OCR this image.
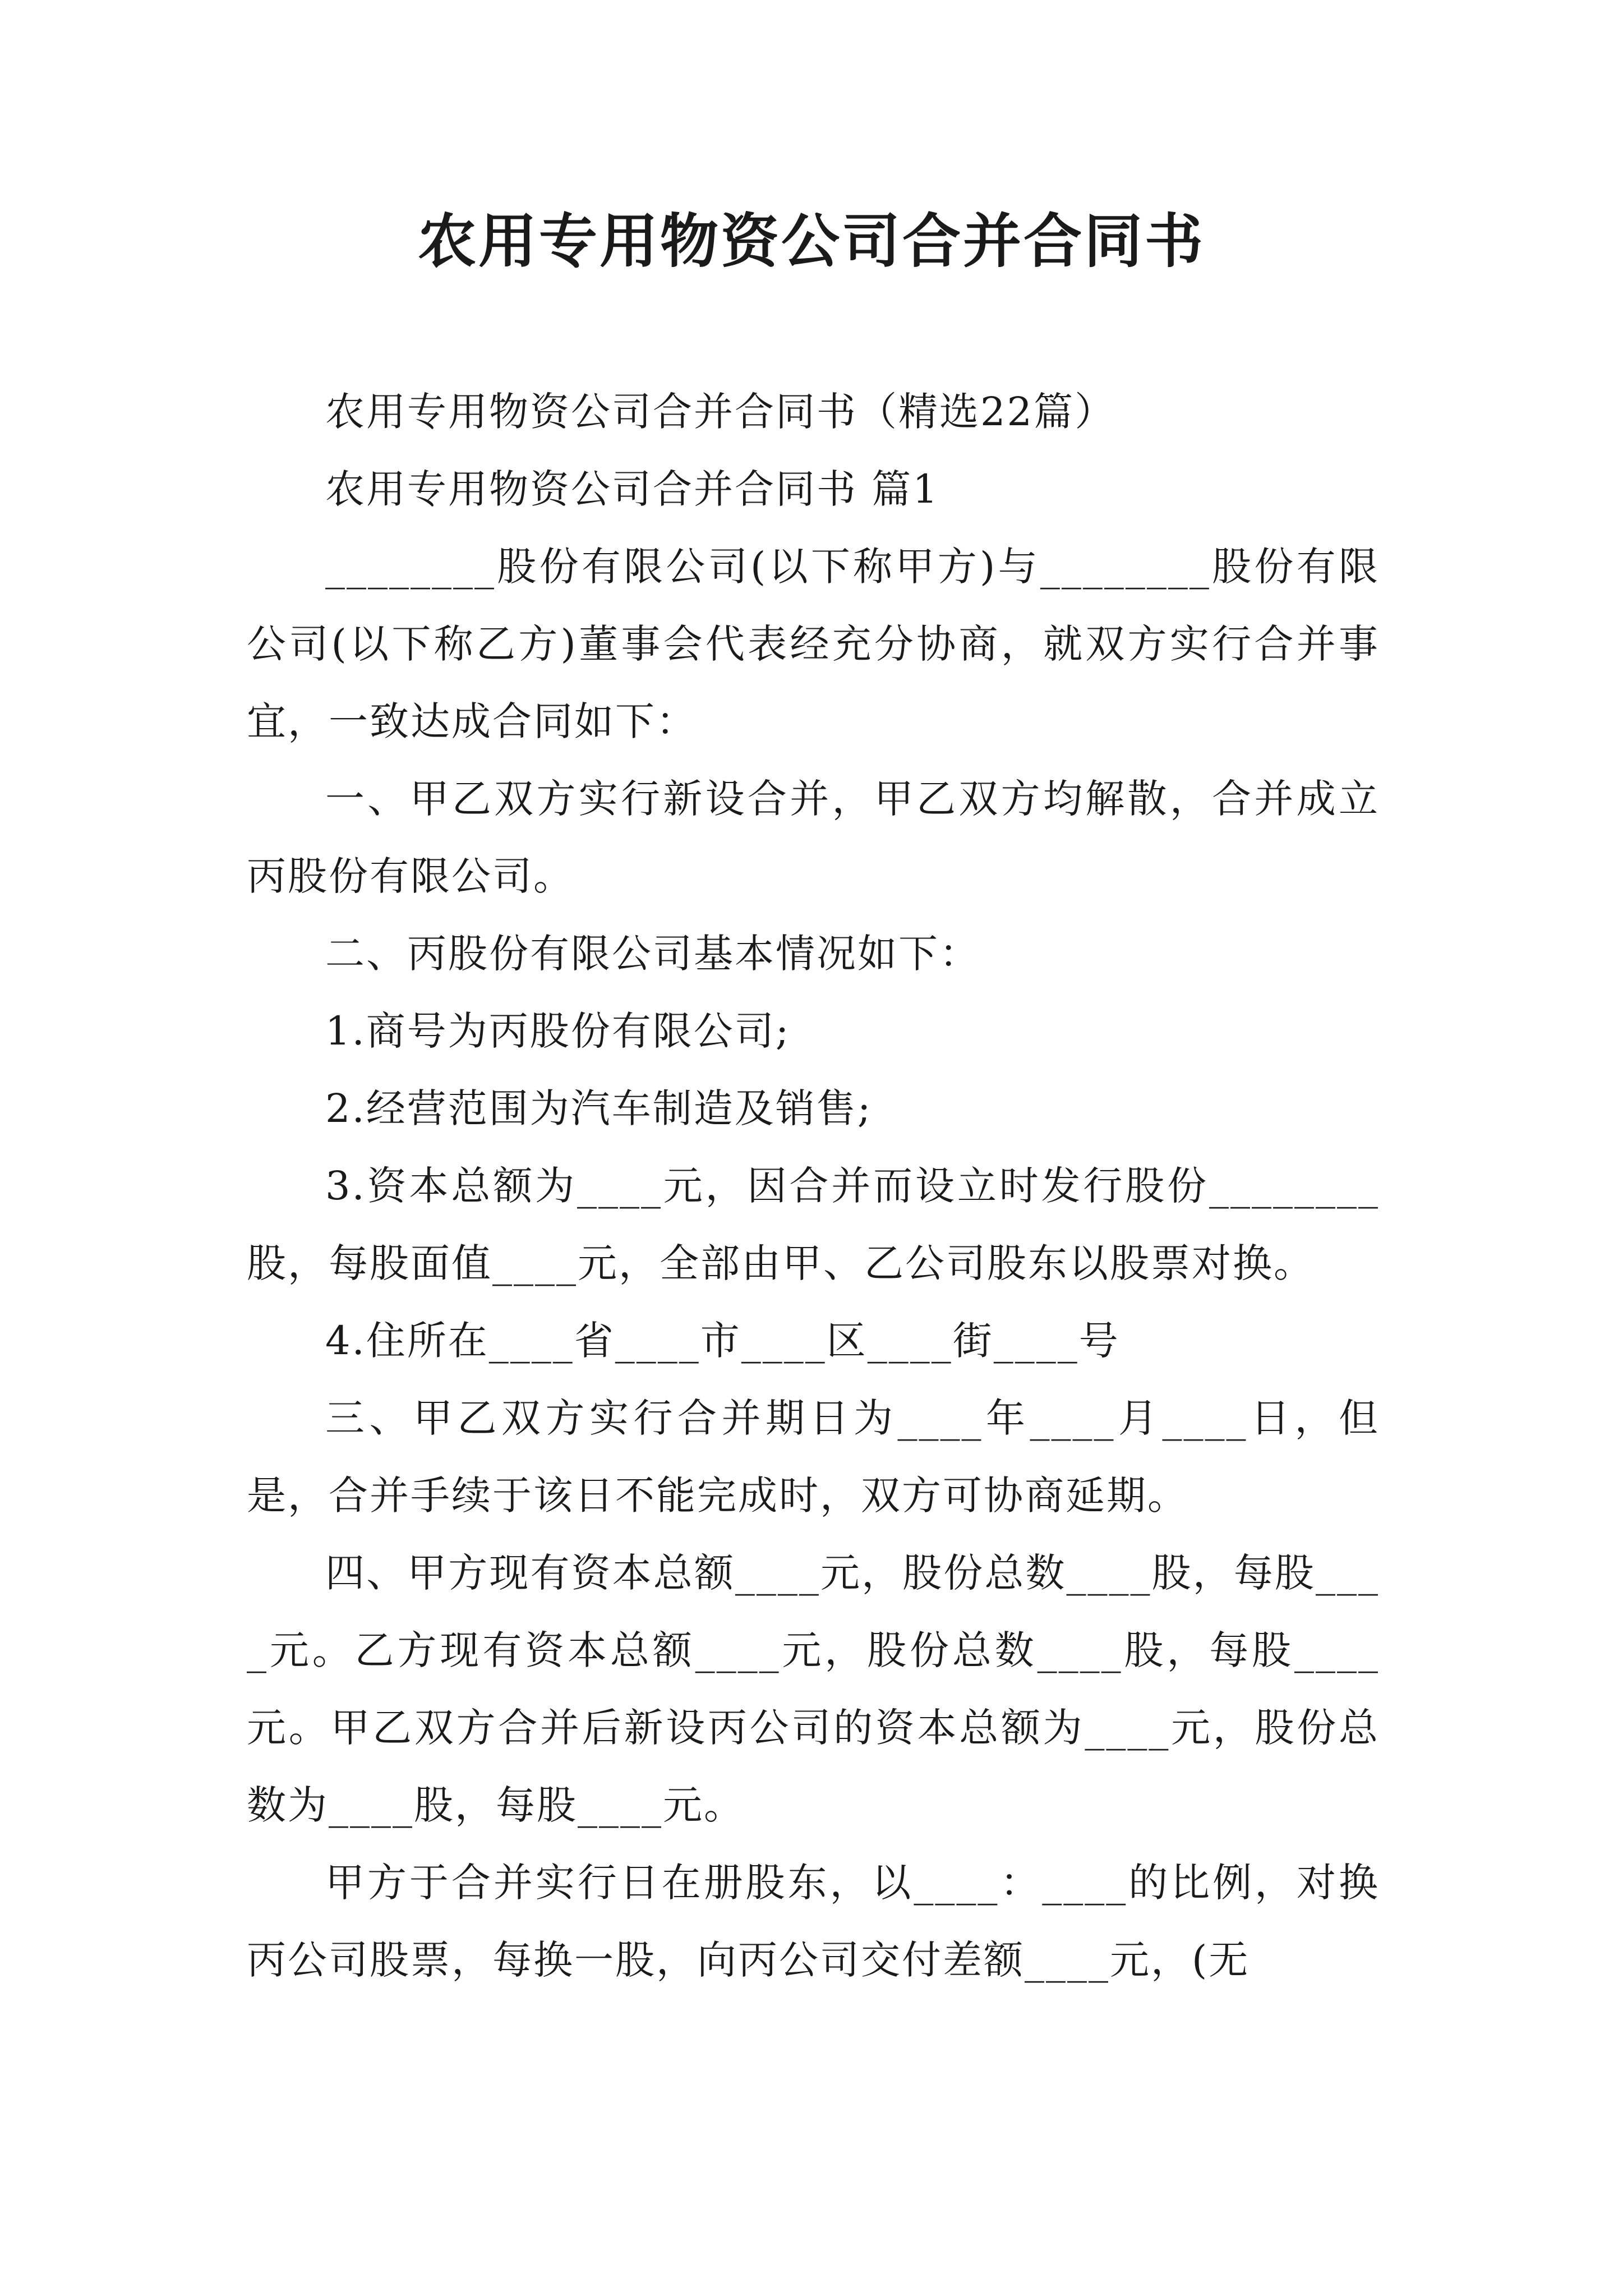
农用专用物资公司合并合同书

农用专用物资公司合并合同书（精选22篇）

农用专用物资公司合并合同书 篇1

________股份有限公司(以下称甲方)与________股份有限公司(以下称乙方)董事会代表经充分协商，就双方实行合并事宜，一致达成合同如下：

一、甲乙双方实行新设合并，甲乙双方均解散，合并成立丙股份有限公司。

二、丙股份有限公司基本情况如下：

1.商号为丙股份有限公司;

2.经营范围为汽车制造及销售;

3.资本总额为____元，因合并而设立时发行股份________股，每股面值____元，全部由甲、乙公司股东以股票对换。

4.住所在____省____市____区____街____号

三、甲乙双方实行合并期日为____年____月____日，但是，合并手续于该日不能完成时，双方可协商延期。

四、甲方现有资本总额____元，股份总数____股，每股____元。乙方现有资本总额____元，股份总数____股，每股____元。甲乙双方合并后新设丙公司的资本总额为____元，股份总数为____股，每股____元。

甲方于合并实行日在册股东，以____：____的比例，对换丙公司股票，每换一股，向丙公司交付差额____元，(无
